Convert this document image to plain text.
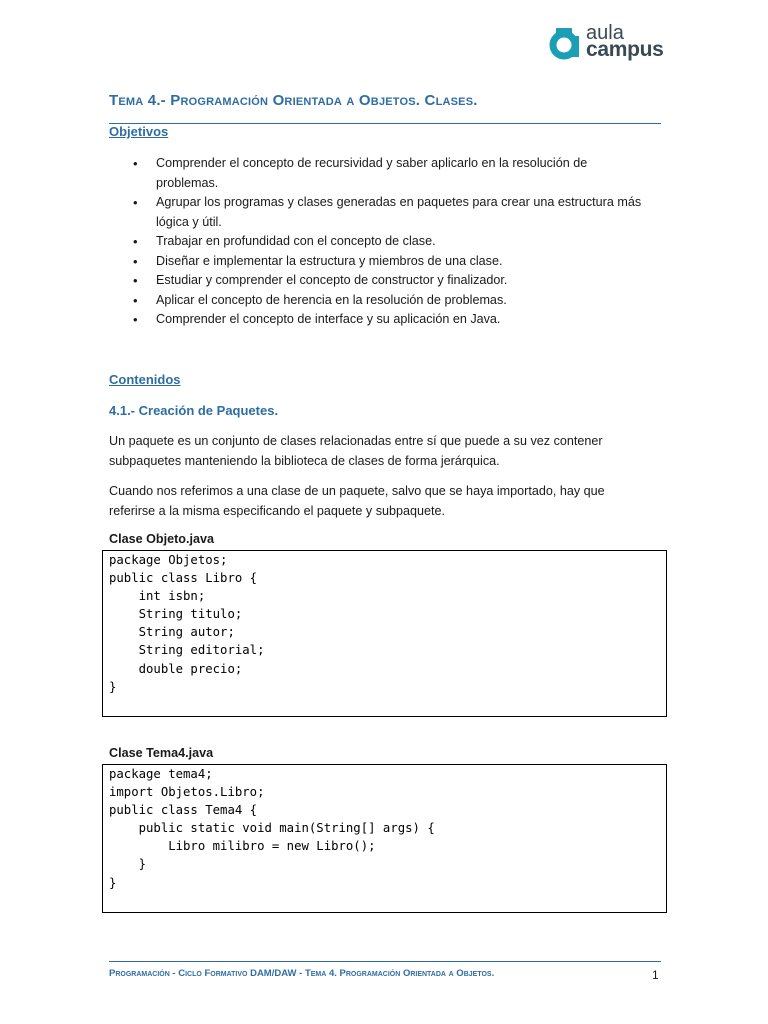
aula
campus
Tema 4.- Programación Orientada a Objetos. Clases.
Objetivos
• Comprender el concepto de recursividad y saber aplicarlo en la resolución de problemas.
• Agrupar los programas y clases generadas en paquetes para crear una estructura más lógica y útil.
• Trabajar en profundidad con el concepto de clase.
• Diseñar e implementar la estructura y miembros de una clase.
• Estudiar y comprender el concepto de constructor y finalizador.
• Aplicar el concepto de herencia en la resolución de problemas.
• Comprender el concepto de interface y su aplicación en Java.
Contenidos
4.1.- Creación de Paquetes.
Un paquete es un conjunto de clases relacionadas entre sí que puede a su vez contener subpaquetes manteniendo la biblioteca de clases de forma jerárquica.
Cuando nos referimos a una clase de un paquete, salvo que se haya importado, hay que referirse a la misma especificando el paquete y subpaquete.
Clase Objeto.java
package Objetos;
public class Libro {
int isbn;
String titulo;
String autor;
String editorial;
double precio;
}
Clase Tema4.java
package tema4;
import Objetos.Libro;
public class Tema4 {
public static void main(String[] args) {
Libro milibro = new Libro();
}
}
Programación - Ciclo Formativo DAM/DAW - Tema 4. Programación Orientada a Objetos.	1
